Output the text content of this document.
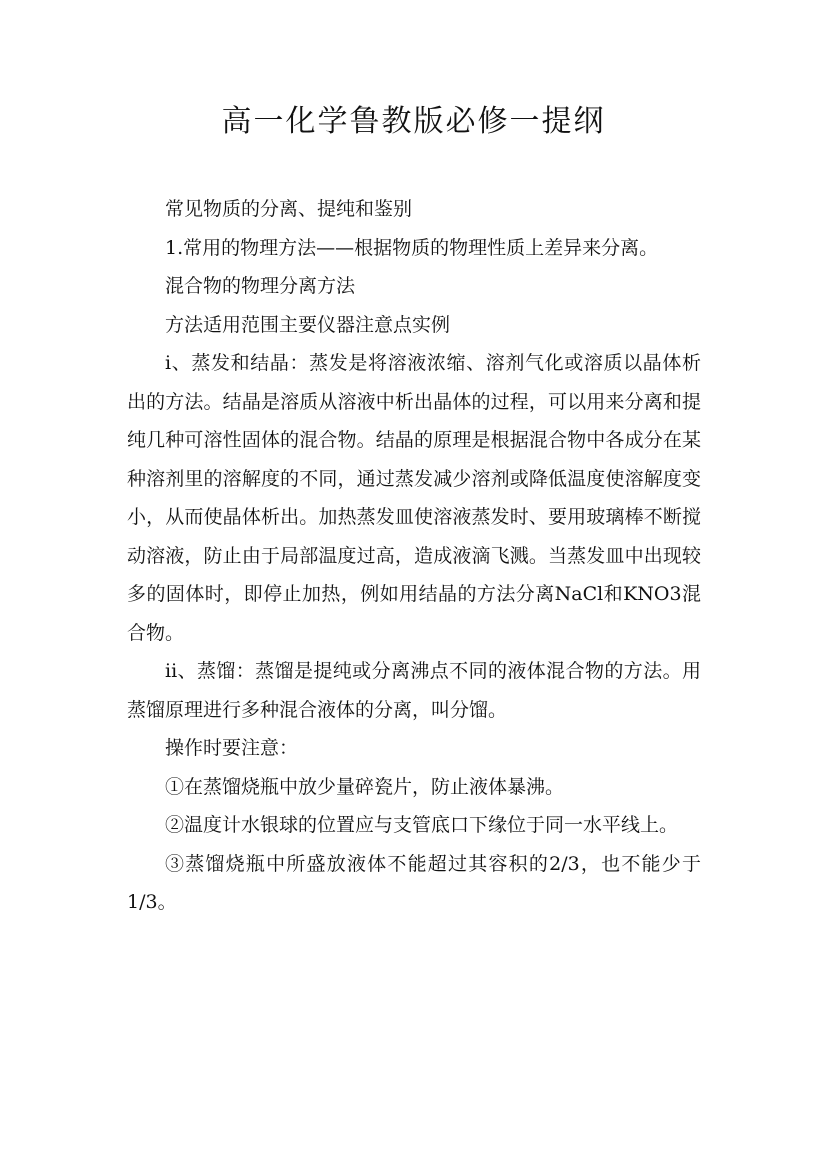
高一化学鲁教版必修一提纲

常见物质的分离、提纯和鉴别

1.常用的物理方法——根据物质的物理性质上差异来分离。

混合物的物理分离方法

方法适用范围主要仪器注意点实例

i、蒸发和结晶：蒸发是将溶液浓缩、溶剂气化或溶质以晶体析出的方法。结晶是溶质从溶液中析出晶体的过程，可以用来分离和提纯几种可溶性固体的混合物。结晶的原理是根据混合物中各成分在某种溶剂里的溶解度的不同，通过蒸发减少溶剂或降低温度使溶解度变小，从而使晶体析出。加热蒸发皿使溶液蒸发时、要用玻璃棒不断搅动溶液，防止由于局部温度过高，造成液滴飞溅。当蒸发皿中出现较多的固体时，即停止加热，例如用结晶的方法分离NaCl和KNO3混合物。

ii、蒸馏：蒸馏是提纯或分离沸点不同的液体混合物的方法。用蒸馏原理进行多种混合液体的分离，叫分馏。

操作时要注意：

①在蒸馏烧瓶中放少量碎瓷片，防止液体暴沸。

②温度计水银球的位置应与支管底口下缘位于同一水平线上。

③蒸馏烧瓶中所盛放液体不能超过其容积的2/3，也不能少于1/3。
